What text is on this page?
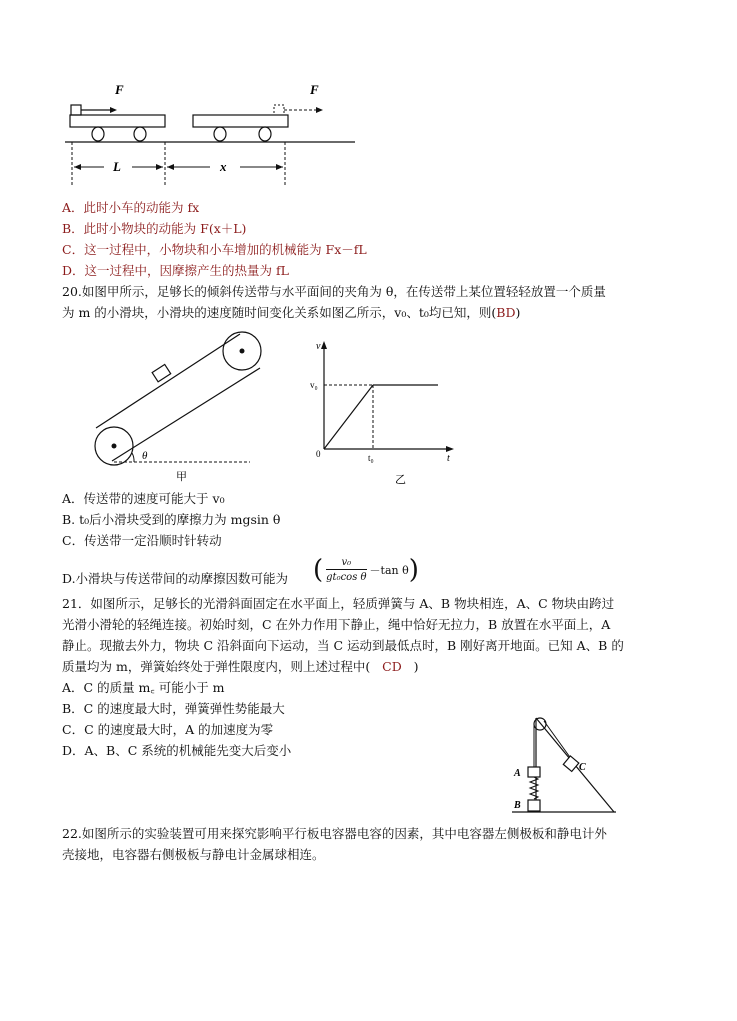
F	F
L	x
A．此时小车的动能为 fx
B．此时小物块的动能为 F(x＋L)
C．这一过程中，小物块和小车增加的机械能为 Fx－fL
D．这一过程中，因摩擦产生的热量为 fL
20.如图甲所示，足够长的倾斜传送带与水平面间的夹角为 θ，在传送带上某位置轻轻放置一个质量
为 m 的小滑块，小滑块的速度随时间变化关系如图乙所示，v₀、t₀均已知，则(BD)
θ
甲
v
t
v₀
t₀
0
乙
A．传送带的速度可能大于 v₀
B. t₀后小滑块受到的摩擦力为 mgsin θ
C．传送带一定沿顺时针转动
D.小滑块与传送带间的动摩擦因数可能为 ( $\frac{\text{v₀}}{\text{gt₀cos θ}} -\tan$ θ )
21．如图所示，足够长的光滑斜面固定在水平面上，轻质弹簧与 A、B 物块相连，A、C 物块由跨过
光滑小滑轮的轻绳连接。初始时刻，C 在外力作用下静止，绳中恰好无拉力，B 放置在水平面上，A
静止。现撤去外力，物块 C 沿斜面向下运动，当 C 运动到最低点时，B 刚好离开地面。已知 A、B 的
质量均为 m，弹簧始终处于弹性限度内，则上述过程中( CD )
A．C 的质量 m꜀ 可能小于 m
B．C 的速度最大时，弹簧弹性势能最大
C．C 的速度最大时，A 的加速度为零
D．A、B、C 系统的机械能先变大后变小
A
B
C
22.如图所示的实验装置可用来探究影响平行板电容器电容的因素，其中电容器左侧极板和静电计外
壳接地，电容器右侧极板与静电计金属球相连。
